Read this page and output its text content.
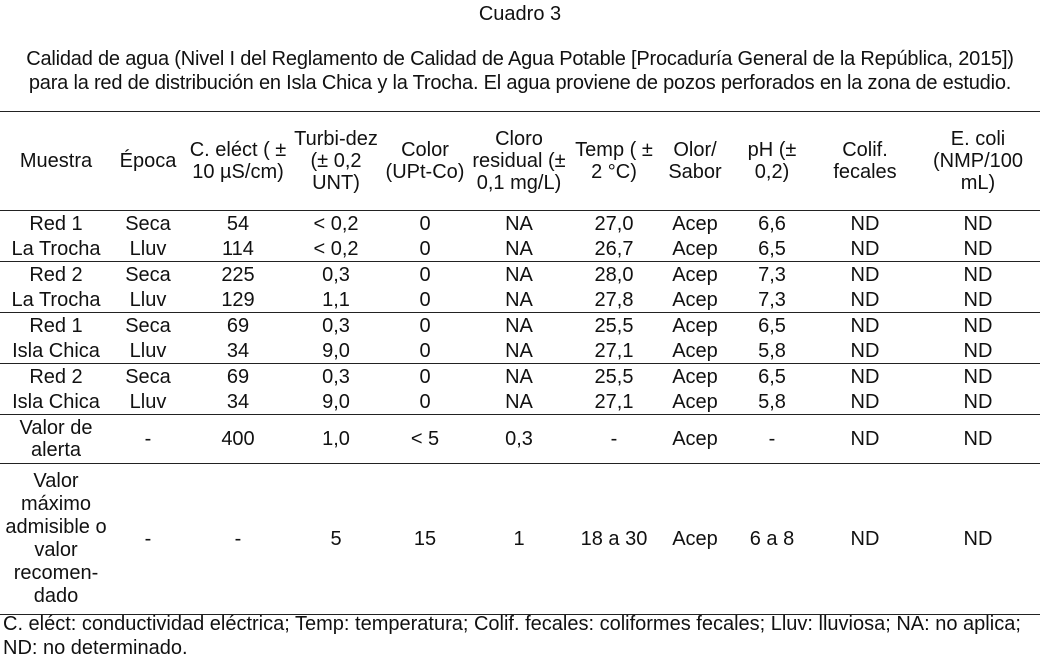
Cuadro 3
Calidad de agua (Nivel I del Reglamento de Calidad de Agua Potable [Procaduría General de la República, 2015]) para la red de distribución en Isla Chica y la Trocha. El agua proviene de pozos perforados en la zona de estudio.
Muestra	Época	C. eléct ( ± 10 µS/cm)	Turbi-dez (± 0,2 UNT)	Color (UPt-Co)	Cloro residual (± 0,1 mg/L)	Temp ( ± 2 °C)	Olor/ Sabor	pH (± 0,2)	Colif. fecales	E. coli (NMP/100 mL)
Red 1	Seca	54	< 0,2	0	NA	27,0	Acep	6,6	ND	ND
La Trocha	Lluv	114	< 0,2	0	NA	26,7	Acep	6,5	ND	ND
Red 2	Seca	225	0,3	0	NA	28,0	Acep	7,3	ND	ND
La Trocha	Lluv	129	1,1	0	NA	27,8	Acep	7,3	ND	ND
Red 1	Seca	69	0,3	0	NA	25,5	Acep	6,5	ND	ND
Isla Chica	Lluv	34	9,0	0	NA	27,1	Acep	5,8	ND	ND
Red 2	Seca	69	0,3	0	NA	25,5	Acep	6,5	ND	ND
Isla Chica	Lluv	34	9,0	0	NA	27,1	Acep	5,8	ND	ND
Valor de alerta	-	400	1,0	< 5	0,3	-	Acep	-	ND	ND
Valor máximo admisible o valor recomen-dado	-	-	5	15	1	18 a 30	Acep	6 a 8	ND	ND
C. eléct: conductividad eléctrica; Temp: temperatura; Colif. fecales: coliformes fecales; Lluv: lluviosa; NA: no aplica; ND: no determinado.
